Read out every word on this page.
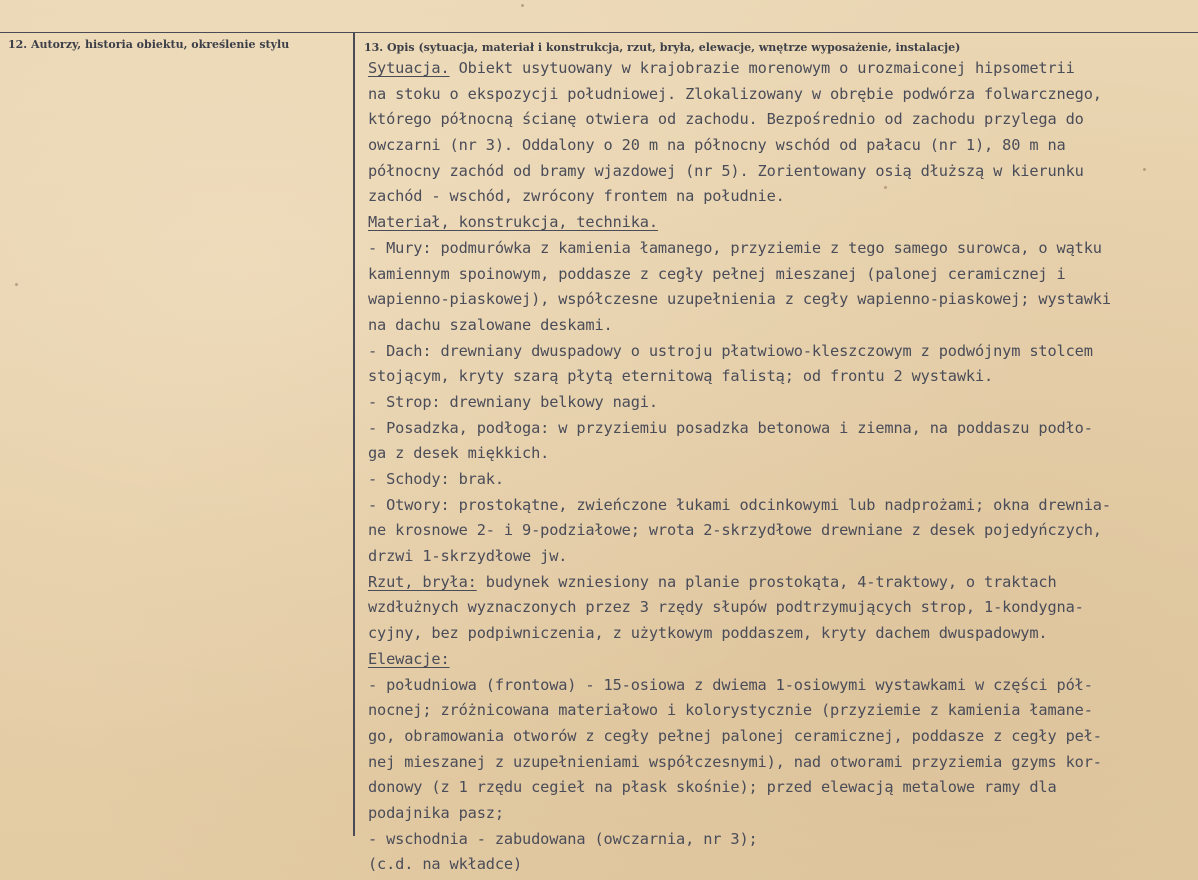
12. Autorzy, historia obiektu, określenie stylu	13. Opis (sytuacja, materiał i konstrukcja, rzut, bryła, elewacje, wnętrze wyposażenie, instalacje)
Sytuacja. Obiekt usytuowany w krajobrazie morenowym o urozmaiconej hipsometrii
na stoku o ekspozycji południowej. Zlokalizowany w obrębie podwórza folwarcznego,
którego północną ścianę otwiera od zachodu. Bezpośrednio od zachodu przylega do
owczarni (nr 3). Oddalony o 20 m na północny wschód od pałacu (nr 1), 80 m na
północny zachód od bramy wjazdowej (nr 5). Zorientowany osią dłuższą w kierunku
zachód - wschód, zwrócony frontem na południe.
Materiał, konstrukcja, technika.
- Mury: podmurówka z kamienia łamanego, przyziemie z tego samego surowca, o wątku
kamiennym spoinowym, poddasze z cegły pełnej mieszanej (palonej ceramicznej i
wapienno-piaskowej), współczesne uzupełnienia z cegły wapienno-piaskowej; wystawki
na dachu szalowane deskami.
- Dach: drewniany dwuspadowy o ustroju płatwiowo-kleszczowym z podwójnym stolcem
stojącym, kryty szarą płytą eternitową falistą; od frontu 2 wystawki.
- Strop: drewniany belkowy nagi.
- Posadzka, podłoga: w przyziemiu posadzka betonowa i ziemna, na poddaszu podło-
ga z desek miękkich.
- Schody: brak.
- Otwory: prostokątne, zwieńczone łukami odcinkowymi lub nadprożami; okna drewnia-
ne krosnowe 2- i 9-podziałowe; wrota 2-skrzydłowe drewniane z desek pojedyńczych,
drzwi 1-skrzydłowe jw.
Rzut, bryła: budynek wzniesiony na planie prostokąta, 4-traktowy, o traktach
wzdłużnych wyznaczonych przez 3 rzędy słupów podtrzymujących strop, 1-kondygna-
cyjny, bez podpiwniczenia, z użytkowym poddaszem, kryty dachem dwuspadowym.
Elewacje:
- południowa (frontowa) - 15-osiowa z dwiema 1-osiowymi wystawkami w części pół-
nocnej; zróżnicowana materiałowo i kolorystycznie (przyziemie z kamienia łamane-
go, obramowania otworów z cegły pełnej palonej ceramicznej, poddasze z cegły peł-
nej mieszanej z uzupełnieniami współczesnymi), nad otworami przyziemia gzyms kor-
donowy (z 1 rzędu cegieł na płask skośnie); przed elewacją metalowe ramy dla
podajnika pasz;
- wschodnia - zabudowana (owczarnia, nr 3);
(c.d. na wkładce)
